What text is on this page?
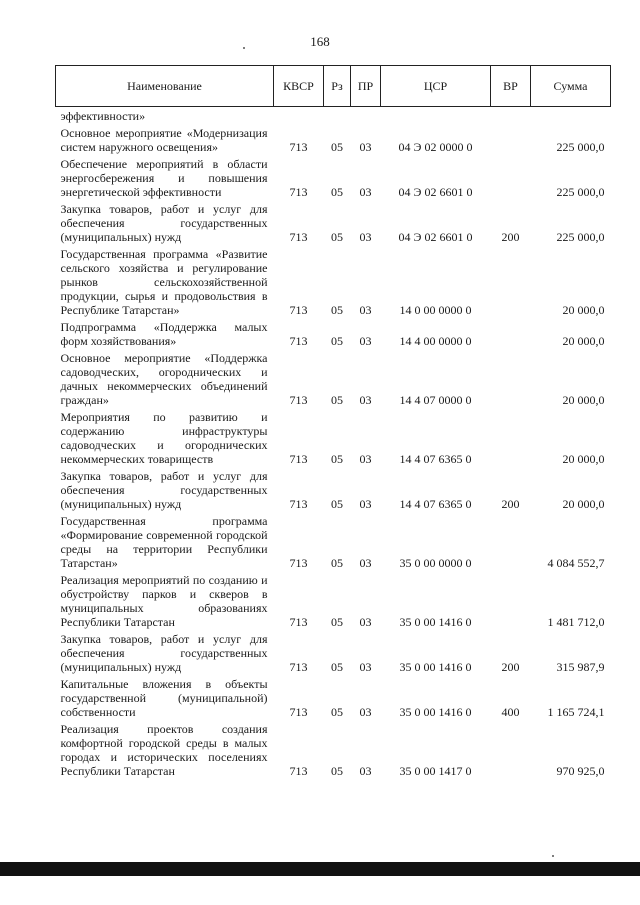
168
Наименование	КВСР	Рз	ПР	ЦСР	ВР	Сумма
эффективности»						
Основное мероприятие «Модернизация систем наружного освещения»	713	05	03	04 Э 02 0000 0		225 000,0
Обеспечение мероприятий в области энергосбережения и повышения энергетической эффективности	713	05	03	04 Э 02 6601 0		225 000,0
Закупка товаров, работ и услуг для обеспечения государственных (муниципальных) нужд	713	05	03	04 Э 02 6601 0	200	225 000,0
Государственная программа «Развитие сельского хозяйства и регулирование рынков сельскохозяйственной продукции, сырья и продовольствия в Республике Татарстан»	713	05	03	14 0 00 0000 0		20 000,0
Подпрограмма «Поддержка малых форм хозяйствования»	713	05	03	14 4 00 0000 0		20 000,0
Основное мероприятие «Поддержка садоводческих, огороднических и дачных некоммерческих объединений граждан»	713	05	03	14 4 07 0000 0		20 000,0
Мероприятия по развитию и содержанию инфраструктуры садоводческих и огороднических некоммерческих товариществ	713	05	03	14 4 07 6365 0		20 000,0
Закупка товаров, работ и услуг для обеспечения государственных (муниципальных) нужд	713	05	03	14 4 07 6365 0	200	20 000,0
Государственная программа «Формирование современной городской среды на территории Республики Татарстан»	713	05	03	35 0 00 0000 0		4 084 552,7
Реализация мероприятий по созданию и обустройству парков и скверов в муниципальных образованиях Республики Татарстан	713	05	03	35 0 00 1416 0		1 481 712,0
Закупка товаров, работ и услуг для обеспечения государственных (муниципальных) нужд	713	05	03	35 0 00 1416 0	200	315 987,9
Капитальные вложения в объекты государственной (муниципальной) собственности	713	05	03	35 0 00 1416 0	400	1 165 724,1
Реализация проектов создания комфортной городской среды в малых городах и исторических поселениях Республики Татарстан	713	05	03	35 0 00 1417 0		970 925,0
